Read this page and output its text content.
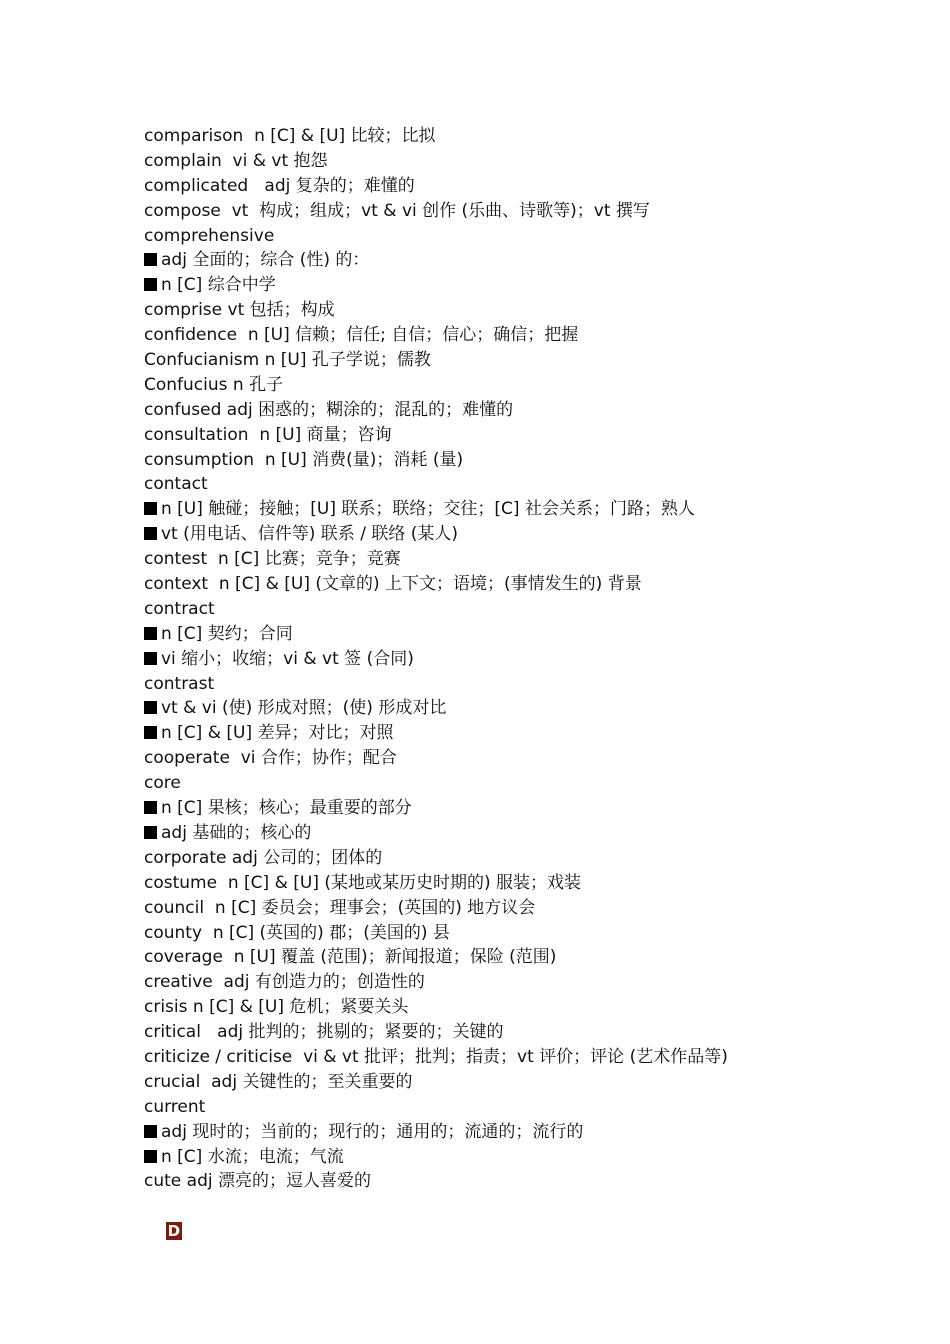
comparison  n [C] & [U] 比较；比拟
complain  vi & vt 抱怨
complicated   adj 复杂的；难懂的
compose  vt  构成；组成；vt & vi 创作 (乐曲、诗歌等)；vt 撰写
comprehensive
adj 全面的；综合 (性) 的：
n [C] 综合中学
comprise vt 包括；构成
confidence  n [U] 信赖；信任; 自信；信心；确信；把握
Confucianism n [U] 孔子学说；儒教
Confucius n 孔子
confused adj 困惑的；糊涂的；混乱的；难懂的
consultation  n [U] 商量；咨询
consumption  n [U] 消费(量)；消耗 (量)
contact
n [U] 触碰；接触；[U] 联系；联络；交往；[C] 社会关系；门路；熟人
vt (用电话、信件等) 联系 / 联络 (某人)
contest  n [C] 比赛；竞争；竞赛
context  n [C] & [U] (文章的) 上下文；语境；(事情发生的) 背景
contract
n [C] 契约；合同
vi 缩小；收缩；vi & vt 签 (合同)
contrast
vt & vi (使) 形成对照；(使) 形成对比
n [C] & [U] 差异；对比；对照
cooperate  vi 合作；协作；配合
core
n [C] 果核；核心；最重要的部分
adj 基础的；核心的
corporate adj 公司的；团体的
costume  n [C] & [U] (某地或某历史时期的) 服装；戏装
council  n [C] 委员会；理事会；(英国的) 地方议会
county  n [C] (英国的) 郡；(美国的) 县
coverage  n [U] 覆盖 (范围)；新闻报道；保险 (范围)
creative  adj 有创造力的；创造性的
crisis n [C] & [U] 危机；紧要关头
critical   adj 批判的；挑剔的；紧要的；关键的
criticize / criticise  vi & vt 批评；批判；指责；vt 评价；评论 (艺术作品等)
crucial  adj 关键性的；至关重要的
current
adj 现时的；当前的；现行的；通用的；流通的；流行的
n [C] 水流；电流；气流
cute adj 漂亮的；逗人喜爱的

D
